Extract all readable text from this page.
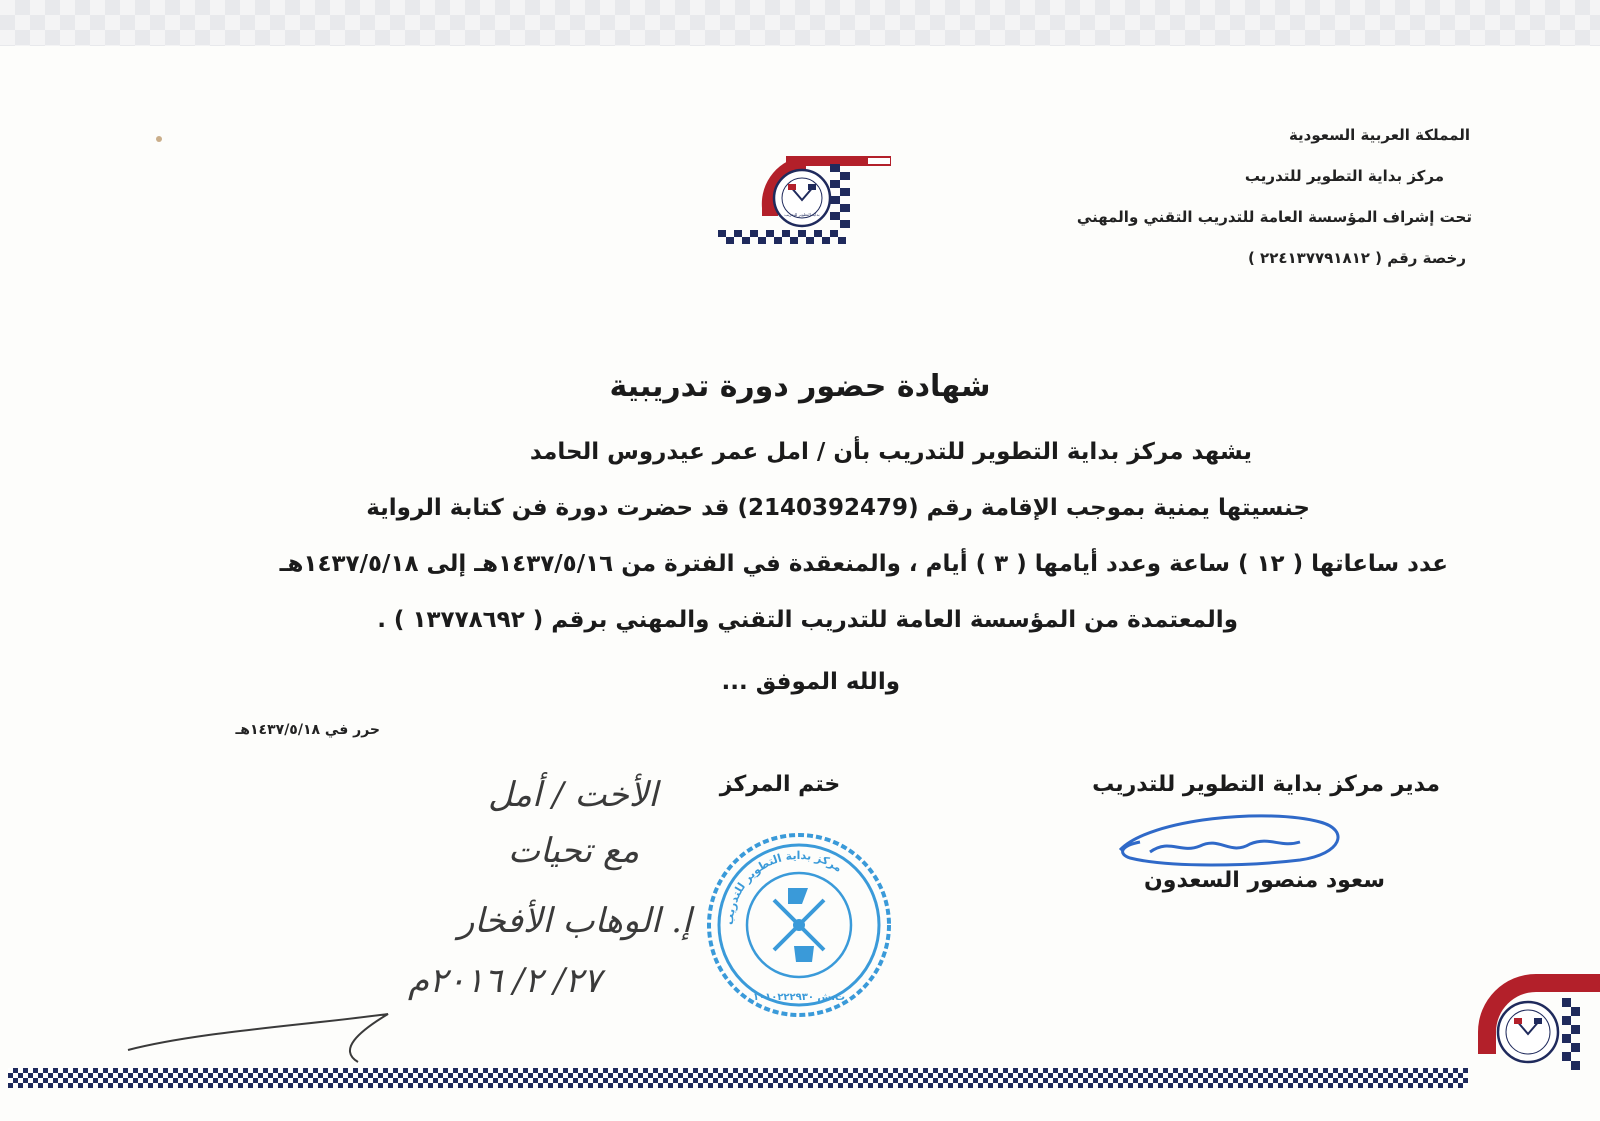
المملكة العربية السعودية
مركز بداية التطوير للتدريب
تحت إشراف المؤسسة العامة للتدريب التقني والمهني
رخصة رقم ( ٢٢٤١٣٧٧٩١٨١٢ )
بداية التطوير للتدريب
شهادة حضور دورة تدريبية
يشهد مركز بداية التطوير للتدريب بأن / امل عمر عيدروس الحامد
جنسيتها يمنية بموجب الإقامة رقم (2140392479) قد حضرت دورة فن كتابة الرواية
عدد ساعاتها ( ١٢ ) ساعة وعدد أيامها ( ٣ ) أيام ، والمنعقدة في الفترة من ١٤٣٧/٥/١٦هـ إلى ١٤٣٧/٥/١٨هـ
والمعتمدة من المؤسسة العامة للتدريب التقني والمهني برقم ( ١٣٧٧٨٦٩٢ ) .
والله الموفق ...
حرر في ١٤٣٧/٥/١٨هـ
ختم المركز	مدير مركز بداية التطوير للتدريب
سعود منصور السعدون
مركز بداية التطوير للتدريب
ت.ش ١٠١٠٢٢٢٩٣٠
الأخت / أمل
مع تحيات
إ. الوهاب الأفخار
٢٧/ ٢/ ٢٠١٦م
